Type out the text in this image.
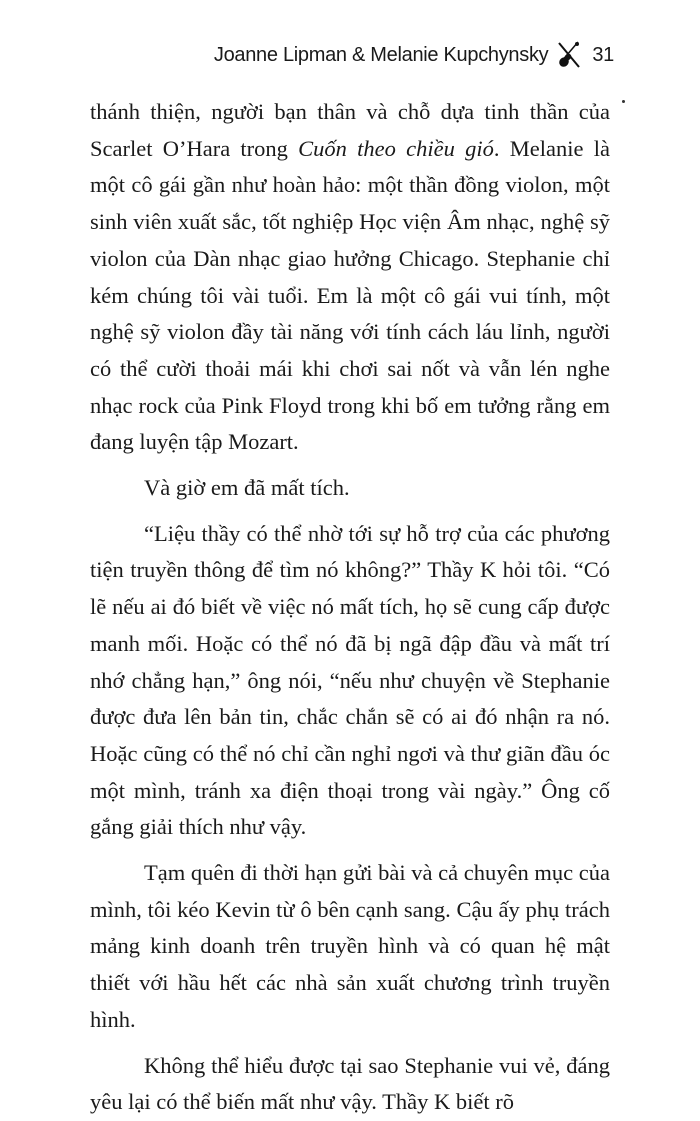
Joanne Lipman & Melanie Kupchynsky 31

thánh thiện, người bạn thân và chỗ dựa tinh thần của Scarlet O’Hara trong Cuốn theo chiều gió. Melanie là một cô gái gần như hoàn hảo: một thần đồng violon, một sinh viên xuất sắc, tốt nghiệp Học viện Âm nhạc, nghệ sỹ violon của Dàn nhạc giao hưởng Chicago. Stephanie chỉ kém chúng tôi vài tuổi. Em là một cô gái vui tính, một nghệ sỹ violon đầy tài năng với tính cách láu lỉnh, người có thể cười thoải mái khi chơi sai nốt và vẫn lén nghe nhạc rock của Pink Floyd trong khi bố em tưởng rằng em đang luyện tập Mozart.

Và giờ em đã mất tích.

“Liệu thầy có thể nhờ tới sự hỗ trợ của các phương tiện truyền thông để tìm nó không?” Thầy K hỏi tôi. “Có lẽ nếu ai đó biết về việc nó mất tích, họ sẽ cung cấp được manh mối. Hoặc có thể nó đã bị ngã đập đầu và mất trí nhớ chẳng hạn,” ông nói, “nếu như chuyện về Stephanie được đưa lên bản tin, chắc chắn sẽ có ai đó nhận ra nó. Hoặc cũng có thể nó chỉ cần nghỉ ngơi và thư giãn đầu óc một mình, tránh xa điện thoại trong vài ngày.” Ông cố gắng giải thích như vậy.

Tạm quên đi thời hạn gửi bài và cả chuyên mục của mình, tôi kéo Kevin từ ô bên cạnh sang. Cậu ấy phụ trách mảng kinh doanh trên truyền hình và có quan hệ mật thiết với hầu hết các nhà sản xuất chương trình truyền hình.

Không thể hiểu được tại sao Stephanie vui vẻ, đáng yêu lại có thể biến mất như vậy. Thầy K biết rõ
